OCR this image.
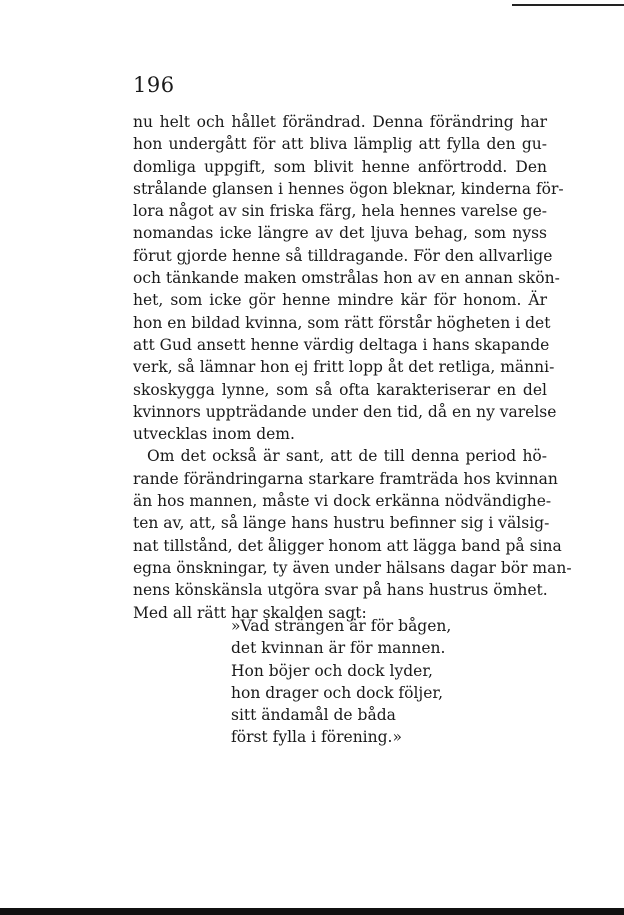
196
nu helt och hållet förändrad. Denna förändring har
hon undergått för att bliva lämplig att fylla den gu-
domliga uppgift, som blivit henne anförtrodd. Den
strålande glansen i hennes ögon bleknar, kinderna för-
lora något av sin friska färg, hela hennes varelse ge-
nomandas icke längre av det ljuva behag, som nyss
förut gjorde henne så tilldragande. För den allvarlige
och tänkande maken omstrålas hon av en annan skön-
het, som icke gör henne mindre kär för honom. Är
hon en bildad kvinna, som rätt förstår högheten i det
att Gud ansett henne värdig deltaga i hans skapande
verk, så lämnar hon ej fritt lopp åt det retliga, männi-
skoskygga lynne, som så ofta karakteriserar en del
kvinnors uppträdande under den tid, då en ny varelse
utvecklas inom dem.
Om det också är sant, att de till denna period hö-
rande förändringarna starkare framträda hos kvinnan
än hos mannen, måste vi dock erkänna nödvändighe-
ten av, att, så länge hans hustru befinner sig i välsig-
nat tillstånd, det åligger honom att lägga band på sina
egna önskningar, ty även under hälsans dagar bör man-
nens könskänsla utgöra svar på hans hustrus ömhet.
Med all rätt har skalden sagt:
»Vad strängen är för bågen,
det kvinnan är för mannen.
Hon böjer och dock lyder,
hon drager och dock följer,
sitt ändamål de båda
först fylla i förening.»
